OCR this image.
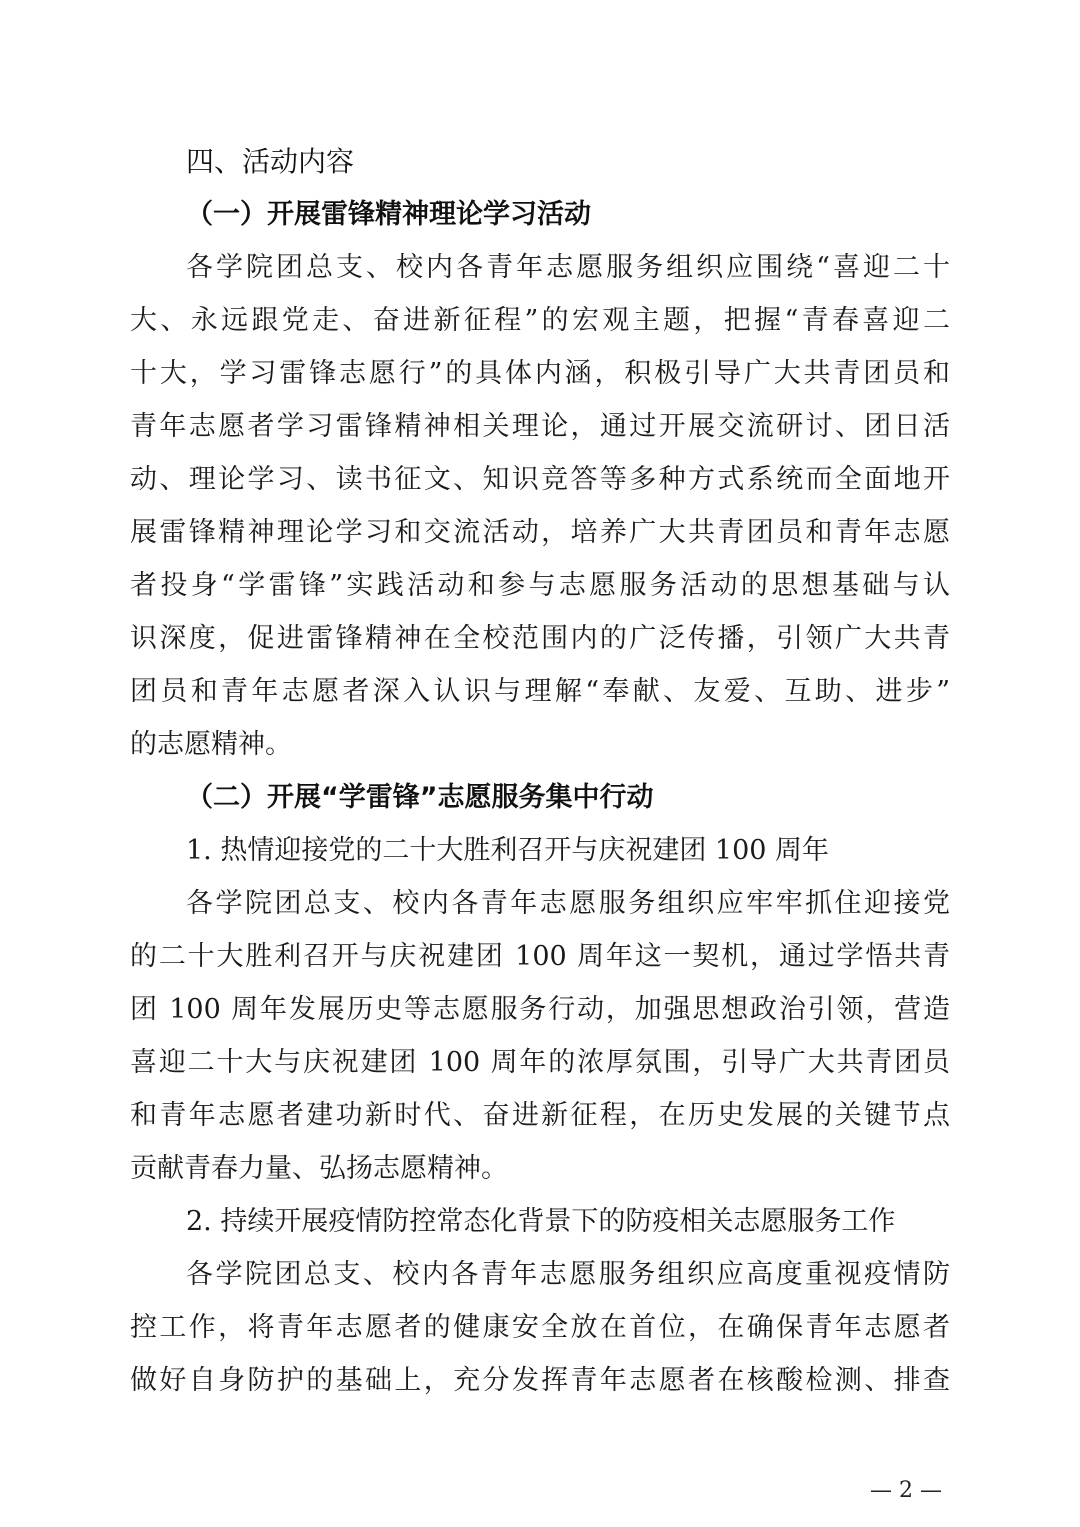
四、活动内容
（一）开展雷锋精神理论学习活动
各学院团总支、校内各青年志愿服务组织应围绕“喜迎二十
大、永远跟党走、奋进新征程”的宏观主题，把握“青春喜迎二
十大，学习雷锋志愿行”的具体内涵，积极引导广大共青团员和
青年志愿者学习雷锋精神相关理论，通过开展交流研讨、团日活
动、理论学习、读书征文、知识竞答等多种方式系统而全面地开
展雷锋精神理论学习和交流活动，培养广大共青团员和青年志愿
者投身“学雷锋”实践活动和参与志愿服务活动的思想基础与认
识深度，促进雷锋精神在全校范围内的广泛传播，引领广大共青
团员和青年志愿者深入认识与理解“奉献、友爱、互助、进步”
的志愿精神。
（二）开展“学雷锋”志愿服务集中行动
1. 热情迎接党的二十大胜利召开与庆祝建团 100 周年
各学院团总支、校内各青年志愿服务组织应牢牢抓住迎接党
的二十大胜利召开与庆祝建团 100 周年这一契机，通过学悟共青
团 100 周年发展历史等志愿服务行动，加强思想政治引领，营造
喜迎二十大与庆祝建团 100 周年的浓厚氛围，引导广大共青团员
和青年志愿者建功新时代、奋进新征程，在历史发展的关键节点
贡献青春力量、弘扬志愿精神。
2. 持续开展疫情防控常态化背景下的防疫相关志愿服务工作
各学院团总支、校内各青年志愿服务组织应高度重视疫情防
控工作，将青年志愿者的健康安全放在首位，在确保青年志愿者
做好自身防护的基础上，充分发挥青年志愿者在核酸检测、排查
— 2 —
